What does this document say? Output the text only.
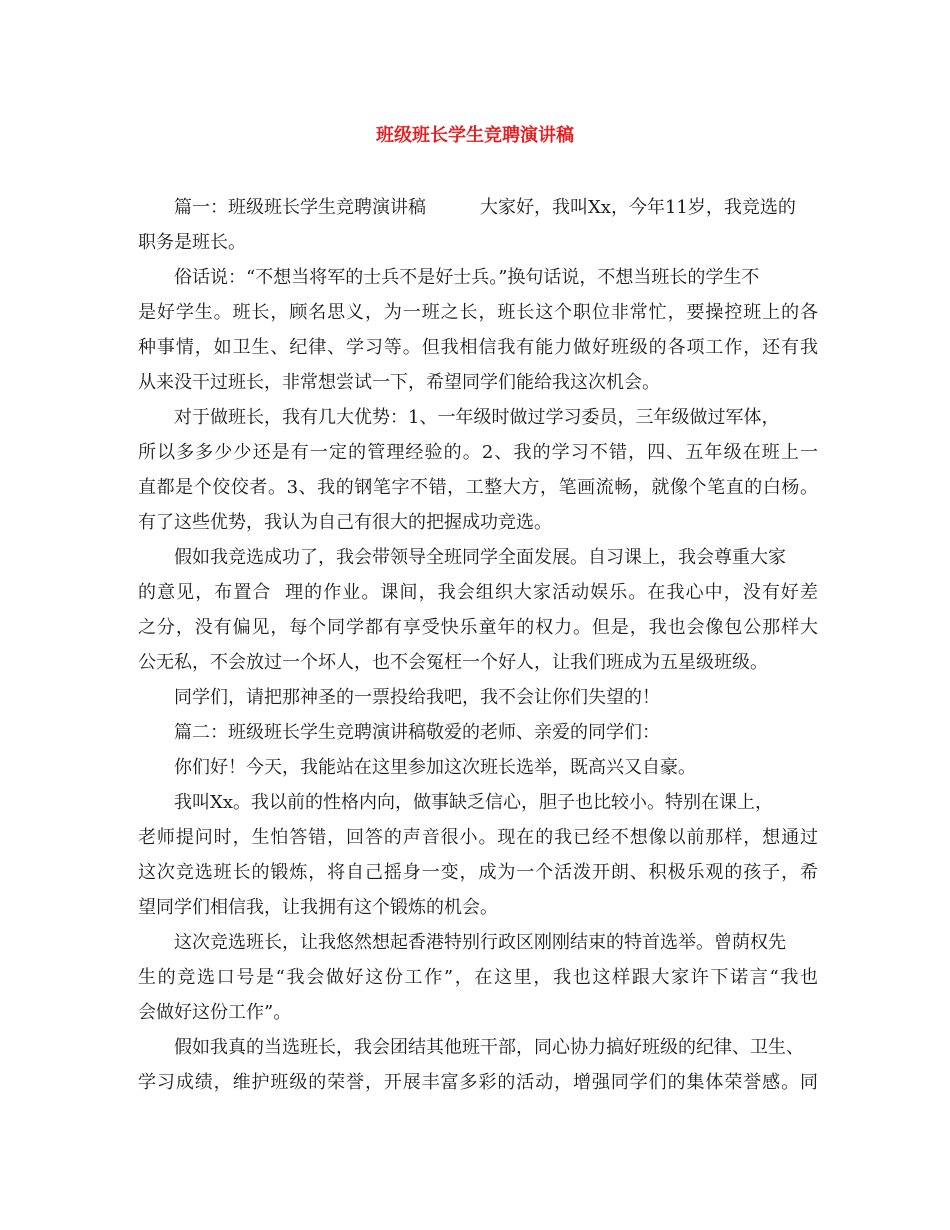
班级班长学生竞聘演讲稿
篇一：班级班长学生竞聘演讲稿　　　大家好，我叫Xx，今年11岁，我竞选的
职务是班长。
俗话说：“不想当将军的士兵不是好士兵。”换句话说，不想当班长的学生不
是好学生。班长，顾名思义，为一班之长，班长这个职位非常忙，要操控班上的各
种事情，如卫生、纪律、学习等。但我相信我有能力做好班级的各项工作，还有我
从来没干过班长，非常想尝试一下，希望同学们能给我这次机会。
对于做班长，我有几大优势：1、一年级时做过学习委员，三年级做过军体，
所以多多少少还是有一定的管理经验的。2、我的学习不错，四、五年级在班上一
直都是个佼佼者。3、我的钢笔字不错，工整大方，笔画流畅，就像个笔直的白杨。
有了这些优势，我认为自己有很大的把握成功竞选。
假如我竞选成功了，我会带领导全班同学全面发展。自习课上，我会尊重大家
的意见，布置合  理的作业。课间，我会组织大家活动娱乐。在我心中，没有好差
之分，没有偏见，每个同学都有享受快乐童年的权力。但是，我也会像包公那样大
公无私，不会放过一个坏人，也不会冤枉一个好人，让我们班成为五星级班级。
同学们，请把那神圣的一票投给我吧，我不会让你们失望的！
篇二：班级班长学生竞聘演讲稿敬爱的老师、亲爱的同学们：
你们好！今天，我能站在这里参加这次班长选举，既高兴又自豪。
我叫Xx。我以前的性格内向，做事缺乏信心，胆子也比较小。特别在课上，
老师提问时，生怕答错，回答的声音很小。现在的我已经不想像以前那样，想通过
这次竞选班长的锻炼，将自己摇身一变，成为一个活泼开朗、积极乐观的孩子，希
望同学们相信我，让我拥有这个锻炼的机会。
这次竞选班长，让我悠然想起香港特别行政区刚刚结束的特首选举。曾荫权先
生的竞选口号是“我会做好这份工作”，在这里，我也这样跟大家许下诺言“我也
会做好这份工作”。
假如我真的当选班长，我会团结其他班干部，同心协力搞好班级的纪律、卫生、
学习成绩，维护班级的荣誉，开展丰富多彩的活动，增强同学们的集体荣誉感。同
